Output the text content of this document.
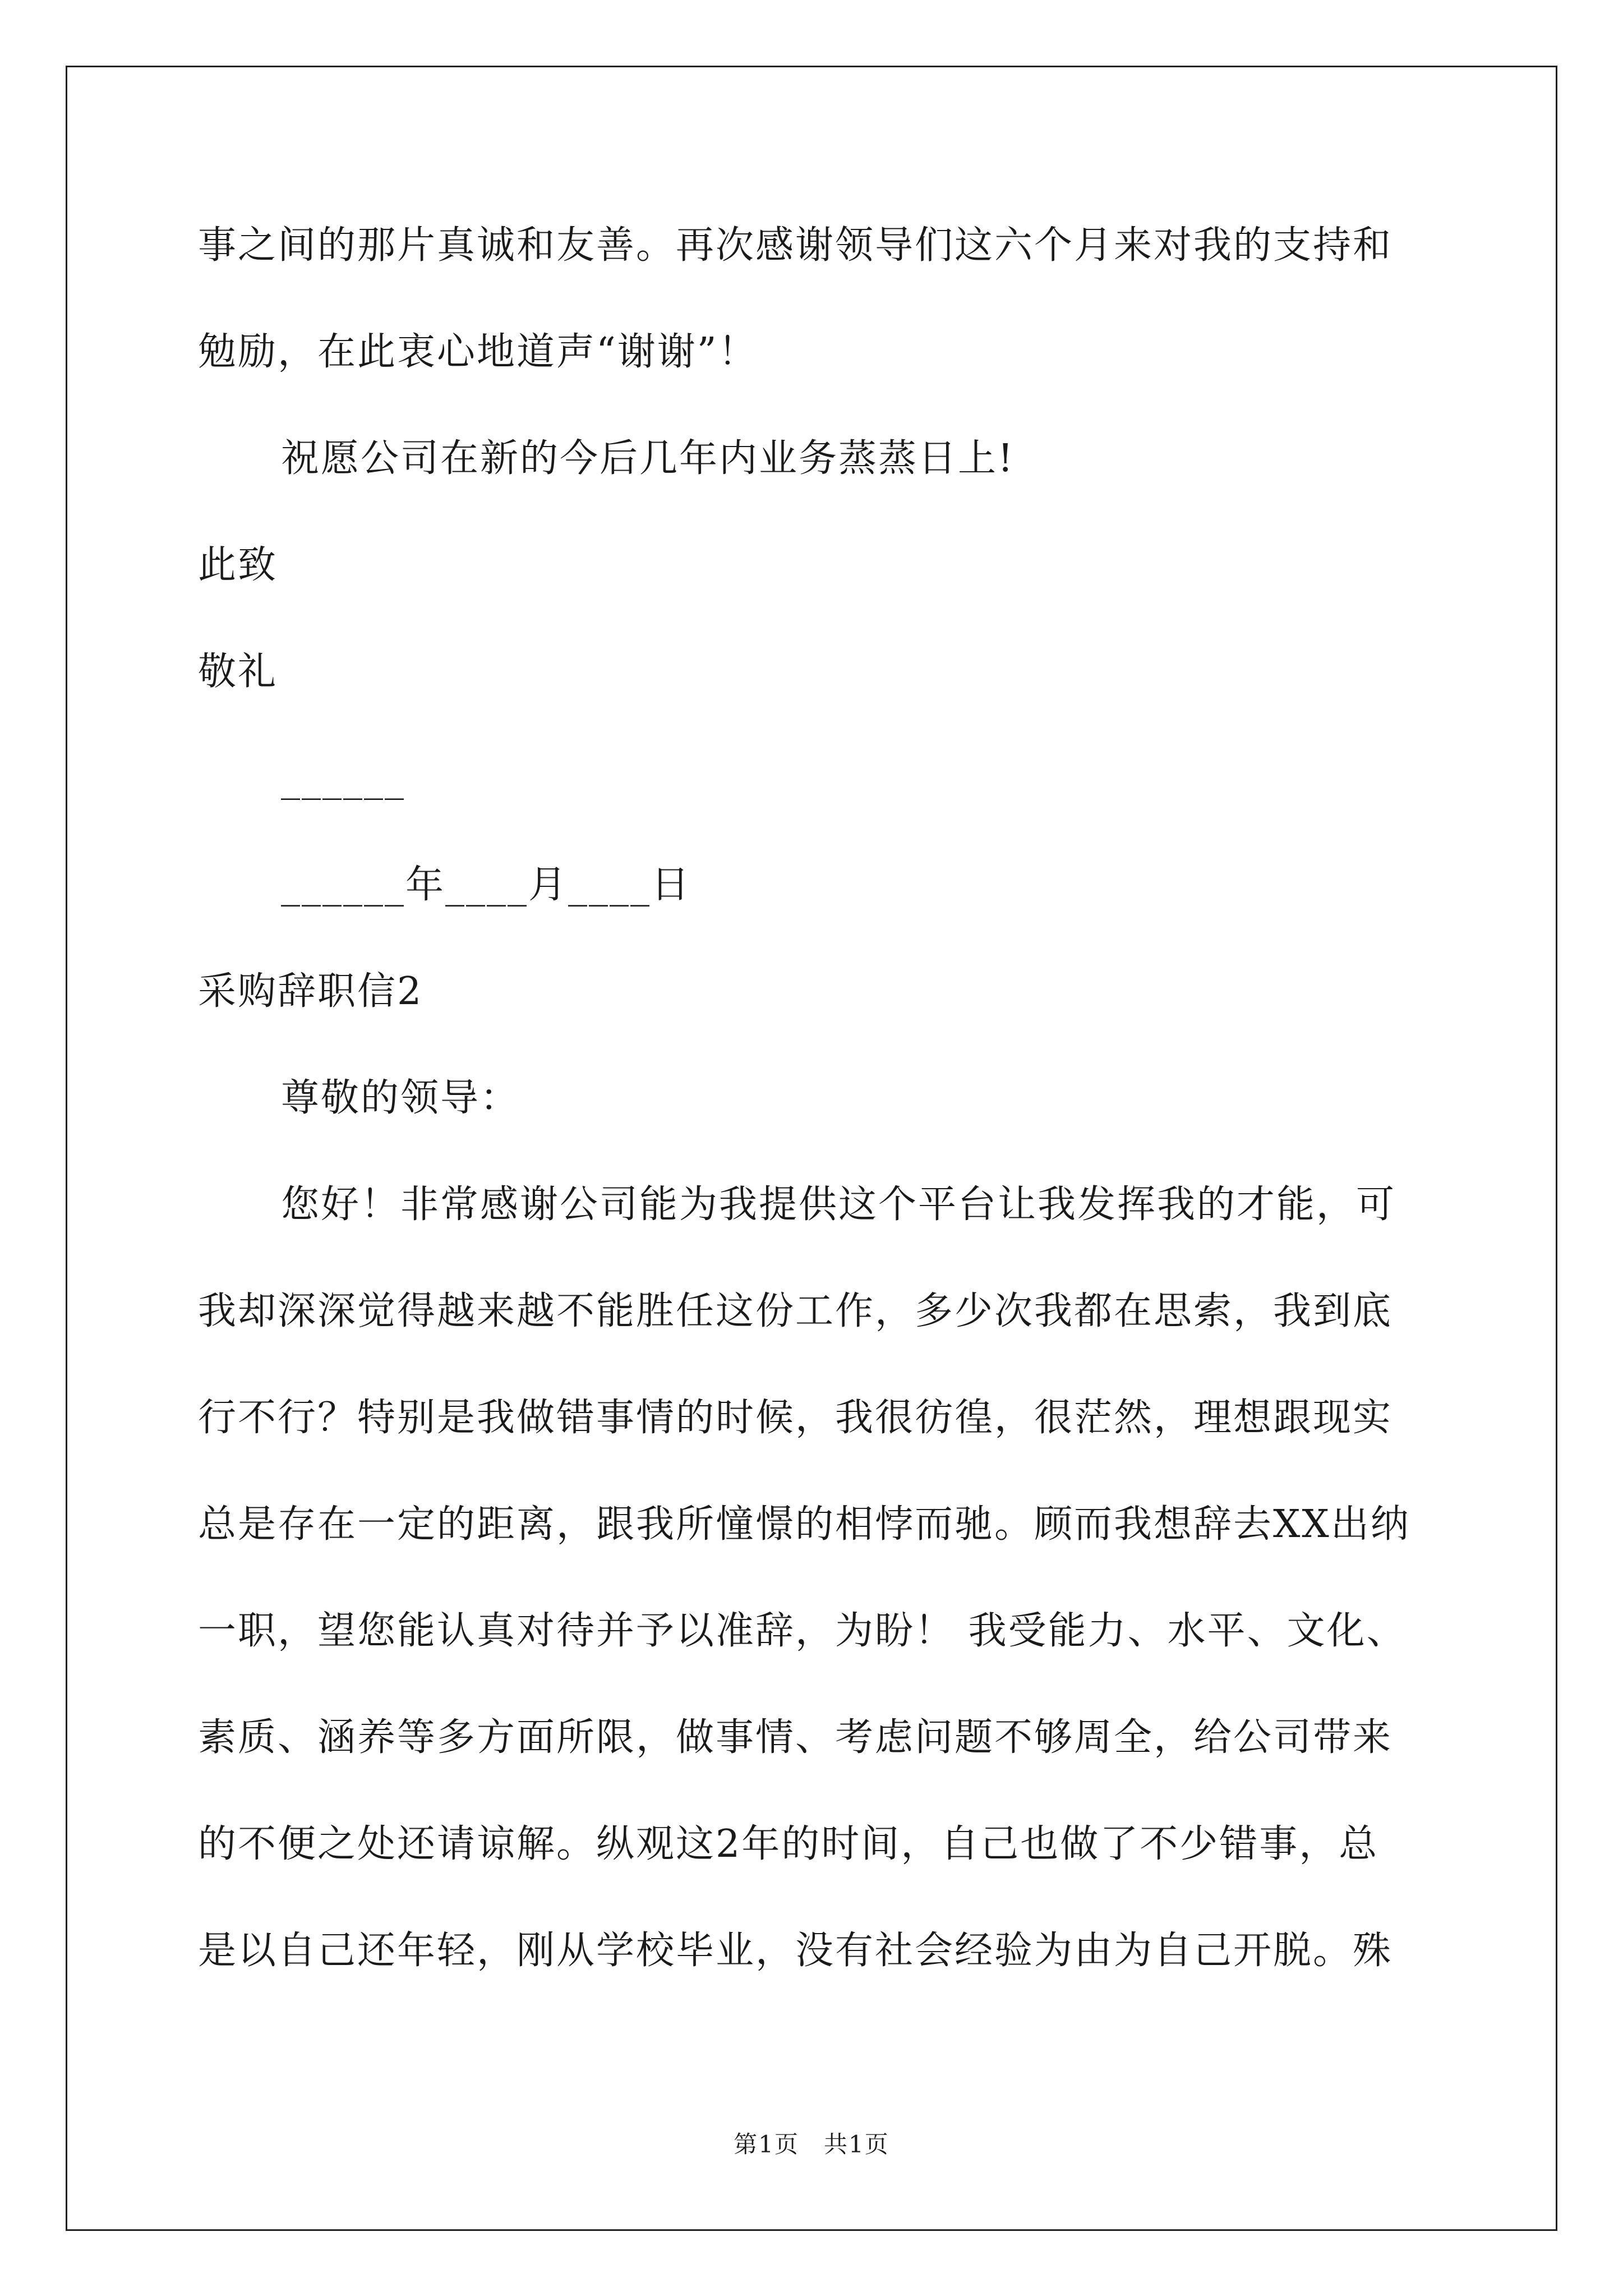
事之间的那片真诚和友善。再次感谢领导们这六个月来对我的支持和
勉励，在此衷心地道声“谢谢”！
祝愿公司在新的今后几年内业务蒸蒸日上!
此致
敬礼
______
______年____月____日
采购辞职信2
尊敬的领导：
您好！非常感谢公司能为我提供这个平台让我发挥我的才能，可
我却深深觉得越来越不能胜任这份工作，多少次我都在思索，我到底
行不行？特别是我做错事情的时候，我很彷徨，很茫然，理想跟现实
总是存在一定的距离，跟我所憧憬的相悖而驰。顾而我想辞去XX出纳
一职，望您能认真对待并予以准辞，为盼！ 我受能力、水平、文化、
素质、涵养等多方面所限，做事情、考虑问题不够周全，给公司带来
的不便之处还请谅解。纵观这2年的时间，自己也做了不少错事，总
是以自己还年轻，刚从学校毕业，没有社会经验为由为自己开脱。殊
第1页　共1页
